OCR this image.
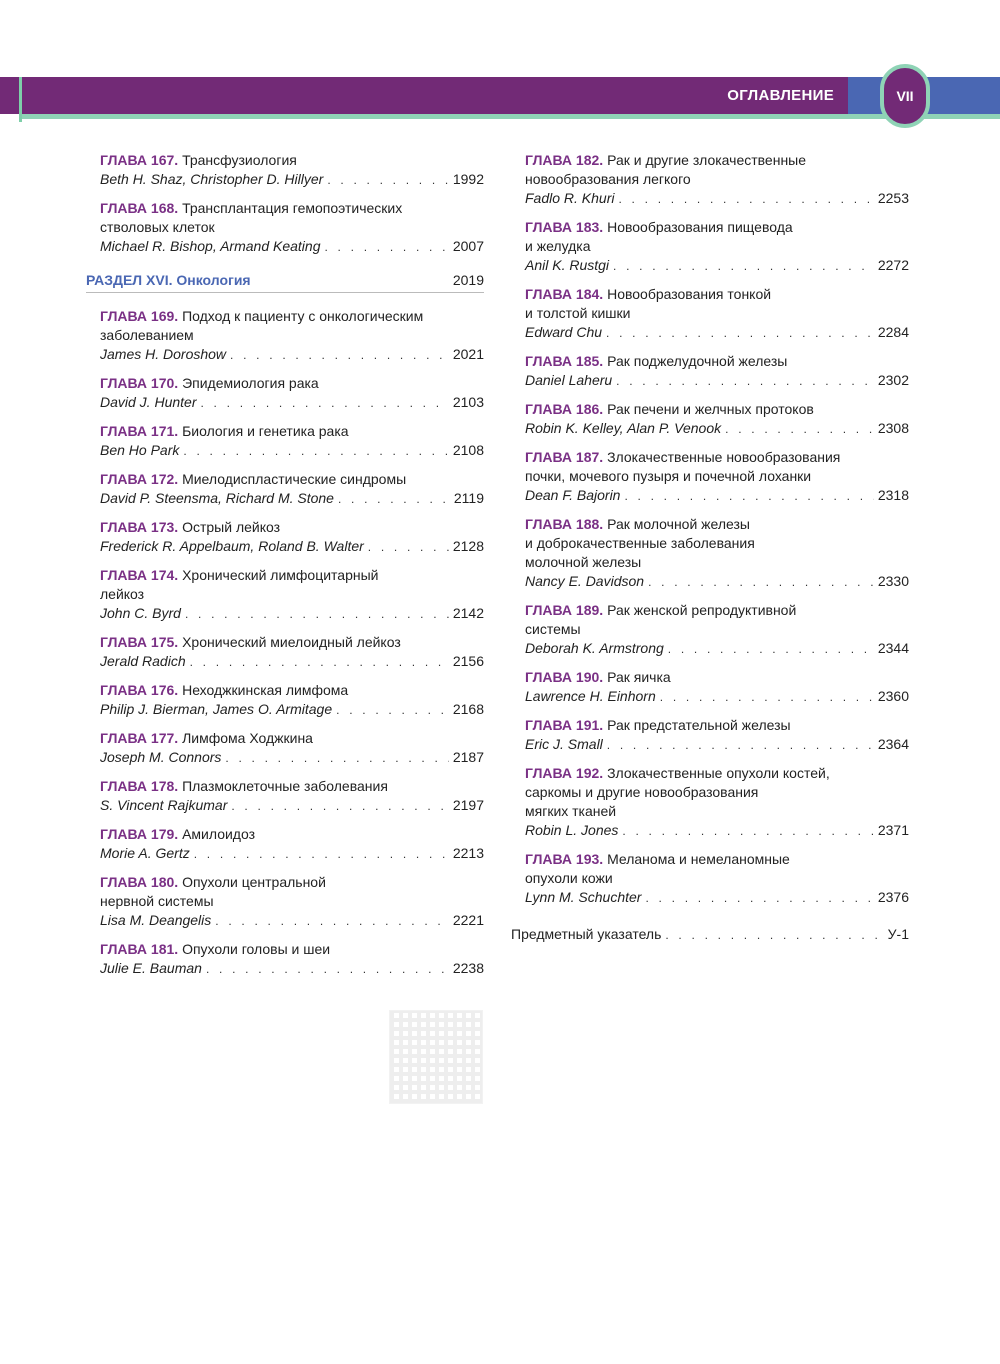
ОГЛАВЛЕНИЕ	VII
ГЛАВА 167. Трансфузиология
Beth H. Shaz, Christopher D. Hillyer . . .	1992
ГЛАВА 168. Трансплантация гемопоэтических
стволовых клеток
Michael R. Bishop, Armand Keating . . .	2007
РАЗДЕЛ XVI. Онкология	2019
ГЛАВА 169. Подход к пациенту с онкологическим
заболеванием
James H. Doroshow . . .	2021
ГЛАВА 170. Эпидемиология рака
David J. Hunter . . .	2103
ГЛАВА 171. Биология и генетика рака
Ben Ho Park . . .	2108
ГЛАВА 172. Миелодиспластические синдромы
David P. Steensma, Richard M. Stone . . .	2119
ГЛАВА 173. Острый лейкоз
Frederick R. Appelbaum, Roland B. Walter . . .	2128
ГЛАВА 174. Хронический лимфоцитарный
лейкоз
John C. Byrd . . .	2142
ГЛАВА 175. Хронический миелоидный лейкоз
Jerald Radich . . .	2156
ГЛАВА 176. Неходжкинская лимфома
Philip J. Bierman, James O. Armitage . . .	2168
ГЛАВА 177. Лимфома Ходжкина
Joseph M. Connors . . .	2187
ГЛАВА 178. Плазмоклеточные заболевания
S. Vincent Rajkumar . . .	2197
ГЛАВА 179. Амилоидоз
Morie A. Gertz . . .	2213
ГЛАВА 180. Опухоли центральной
нервной системы
Lisa M. Deangelis . . .	2221
ГЛАВА 181. Опухоли головы и шеи
Julie E. Bauman . . .	2238
ГЛАВА 182. Рак и другие злокачественные
новообразования легкого
Fadlo R. Khuri . . .	2253
ГЛАВА 183. Новообразования пищевода
и желудка
Anil K. Rustgi . . .	2272
ГЛАВА 184. Новообразования тонкой
и толстой кишки
Edward Chu . . .	2284
ГЛАВА 185. Рак поджелудочной железы
Daniel Laheru . . .	2302
ГЛАВА 186. Рак печени и желчных протоков
Robin K. Kelley, Alan P. Venook . . .	2308
ГЛАВА 187. Злокачественные новообразования
почки, мочевого пузыря и почечной лоханки
Dean F. Bajorin . . .	2318
ГЛАВА 188. Рак молочной железы
и доброкачественные заболевания
молочной железы
Nancy E. Davidson . . .	2330
ГЛАВА 189. Рак женской репродуктивной
системы
Deborah K. Armstrong . . .	2344
ГЛАВА 190. Рак яичка
Lawrence H. Einhorn . . .	2360
ГЛАВА 191. Рак предстательной железы
Eric J. Small . . .	2364
ГЛАВА 192. Злокачественные опухоли костей,
саркомы и другие новообразования
мягких тканей
Robin L. Jones . . .	2371
ГЛАВА 193. Меланома и немеланомные
опухоли кожи
Lynn M. Schuchter . . .	2376
Предметный указатель . . .	У-1
